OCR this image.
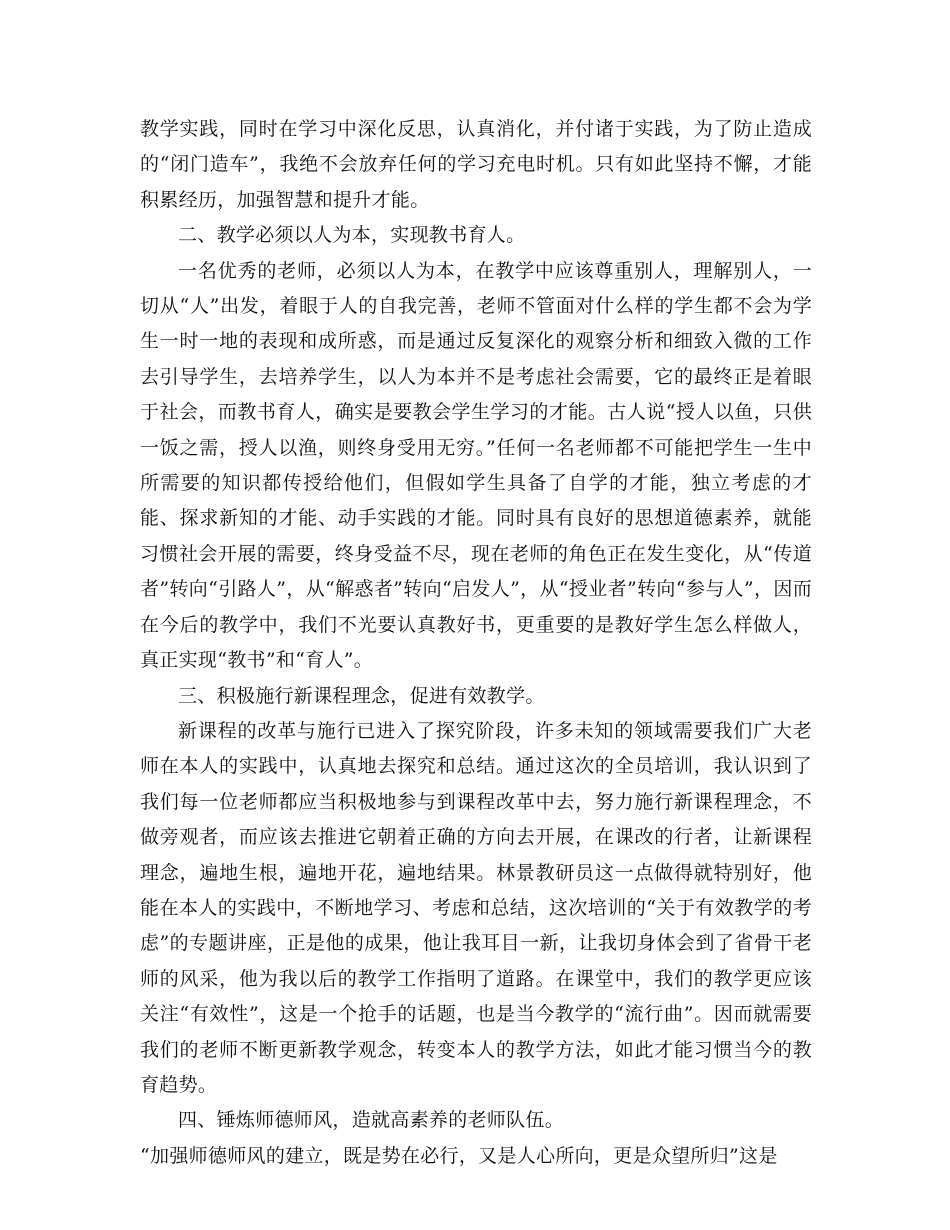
教学实践，同时在学习中深化反思，认真消化，并付诸于实践，为了防止造成的“闭门造车”，我绝不会放弃任何的学习充电时机。只有如此坚持不懈，才能积累经历，加强智慧和提升才能。

二、教学必须以人为本，实现教书育人。

一名优秀的老师，必须以人为本，在教学中应该尊重别人，理解别人，一切从“人”出发，着眼于人的自我完善，老师不管面对什么样的学生都不会为学生一时一地的表现和成所惑，而是通过反复深化的观察分析和细致入微的工作去引导学生，去培养学生，以人为本并不是考虑社会需要，它的最终正是着眼于社会，而教书育人，确实是要教会学生学习的才能。古人说“授人以鱼，只供一饭之需，授人以渔，则终身受用无穷。”任何一名老师都不可能把学生一生中所需要的知识都传授给他们，但假如学生具备了自学的才能，独立考虑的才能、探求新知的才能、动手实践的才能。同时具有良好的思想道德素养，就能习惯社会开展的需要，终身受益不尽，现在老师的角色正在发生变化，从“传道者”转向“引路人”，从“解惑者”转向“启发人”，从“授业者”转向“参与人”，因而在今后的教学中，我们不光要认真教好书，更重要的是教好学生怎么样做人，真正实现“教书”和“育人”。

三、积极施行新课程理念，促进有效教学。

新课程的改革与施行已进入了探究阶段，许多未知的领域需要我们广大老师在本人的实践中，认真地去探究和总结。通过这次的全员培训，我认识到了我们每一位老师都应当积极地参与到课程改革中去，努力施行新课程理念，不做旁观者，而应该去推进它朝着正确的方向去开展，在课改的行者，让新课程理念，遍地生根，遍地开花，遍地结果。林景教研员这一点做得就特别好，他能在本人的实践中，不断地学习、考虑和总结，这次培训的“关于有效教学的考虑”的专题讲座，正是他的成果，他让我耳目一新，让我切身体会到了省骨干老师的风采，他为我以后的教学工作指明了道路。在课堂中，我们的教学更应该关注“有效性”，这是一个抢手的话题，也是当今教学的“流行曲”。因而就需要我们的老师不断更新教学观念，转变本人的教学方法，如此才能习惯当今的教育趋势。

四、锤炼师德师风，造就高素养的老师队伍。

“加强师德师风的建立，既是势在必行，又是人心所向，更是众望所归”这是
